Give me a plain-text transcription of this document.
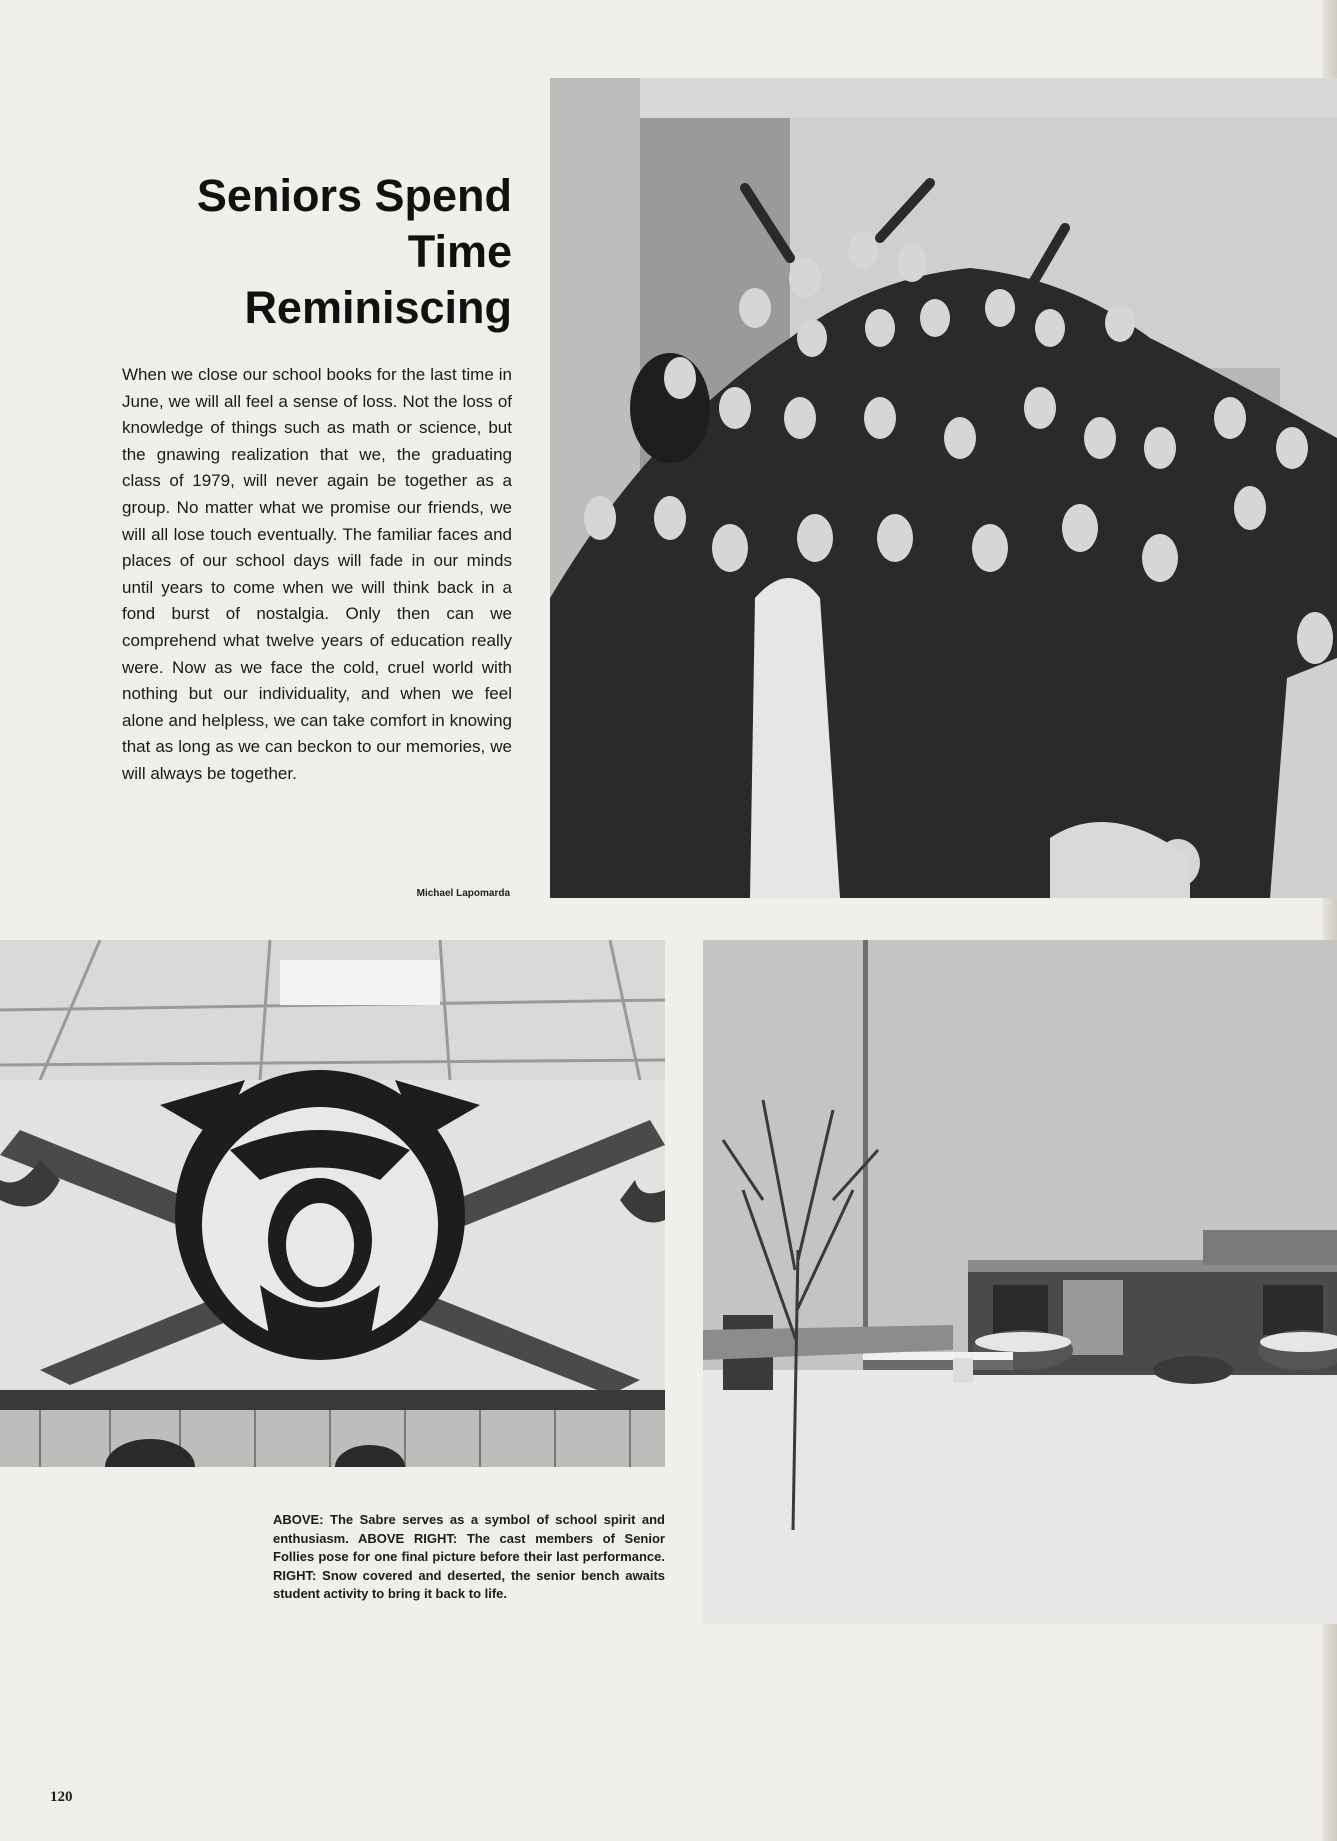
Seniors Spend
Time
Reminiscing

When we close our school books for the last time in June, we will all feel a sense of loss. Not the loss of knowledge of things such as math or science, but the gnawing realization that we, the graduating class of 1979, will never again be together as a group. No matter what we promise our friends, we will all lose touch eventually. The familiar faces and places of our school days will fade in our minds until years to come when we will think back in a fond burst of nostalgia. Only then can we comprehend what twelve years of education really were. Now as we face the cold, cruel world with nothing but our individuality, and when we feel alone and helpless, we can take comfort in knowing that as long as we can beckon to our memories, we will always be together.

Michael Lapomarda

ABOVE: The Sabre serves as a symbol of school spirit and enthusiasm. ABOVE RIGHT: The cast members of Senior Follies pose for one final picture before their last performance. RIGHT: Snow covered and deserted, the senior bench awaits student activity to bring it back to life.

120
